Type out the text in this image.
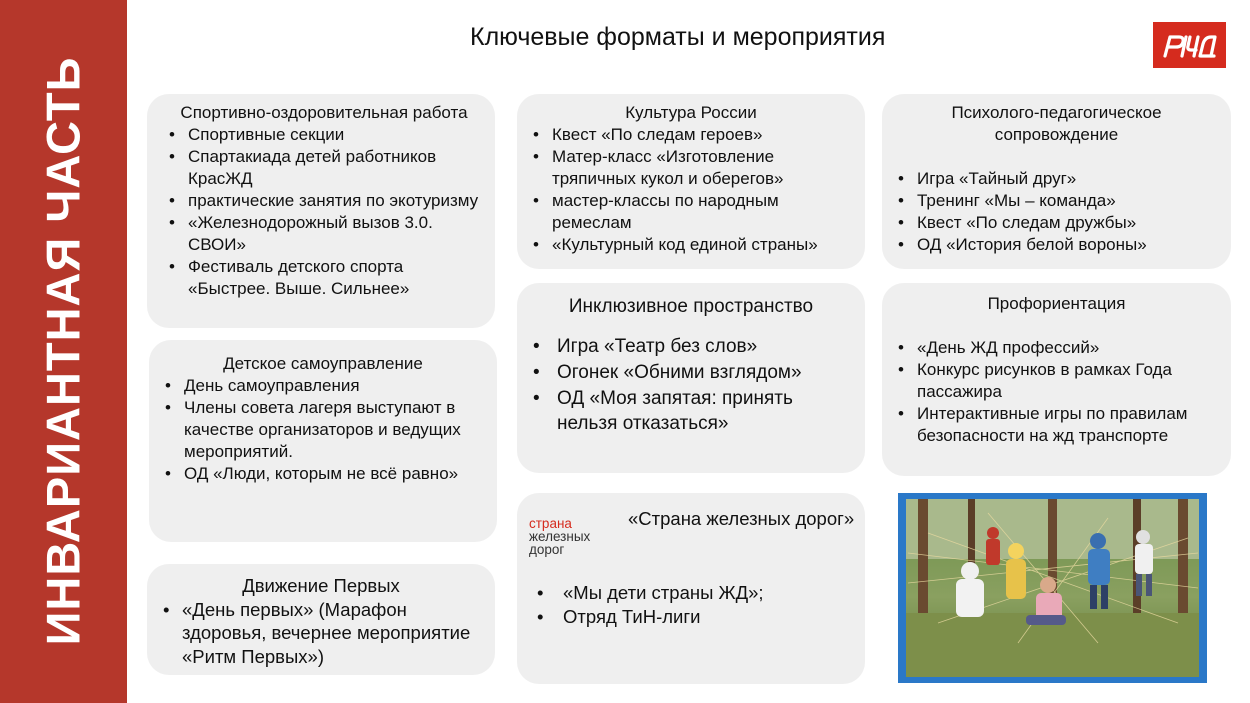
ИНВАРИАНТНАЯ ЧАСТЬ
Ключевые форматы и мероприятия
Спортивно-оздоровительная работа
• Спортивные секции
• Спартакиада детей работников КрасЖД
• практические занятия по экотуризму
• «Железнодорожный вызов 3.0. СВОИ»
• Фестиваль детского спорта «Быстрее. Выше. Сильнее»
Детское самоуправление
• День самоуправления
• Члены совета лагеря выступают в качестве организаторов и ведущих мероприятий.
• ОД «Люди, которым не всё равно»
Движение Первых
• «День первых» (Марафон здоровья, вечернее мероприятие «Ритм Первых»)
Культура России
• Квест «По следам героев»
• Матер-класс «Изготовление тряпичных кукол и оберегов»
• мастер-классы по народным ремеслам
• «Культурный код единой страны»
Инклюзивное пространство
• Игра «Театр без слов»
• Огонек «Обними взглядом»
• ОД «Моя запятая: принять нельзя отказаться»
страна
железных
дорог
«Страна железных дорог»
• «Мы дети страны ЖД»;
• Отряд ТиН-лиги
Психолого-педагогическое сопровождение
• Игра «Тайный друг»
• Тренинг «Мы – команда»
• Квест «По следам дружбы»
• ОД «История белой вороны»
Профориентация
• «День ЖД профессий»
• Конкурс рисунков в рамках Года пассажира
• Интерактивные игры по правилам безопасности на жд транспорте
